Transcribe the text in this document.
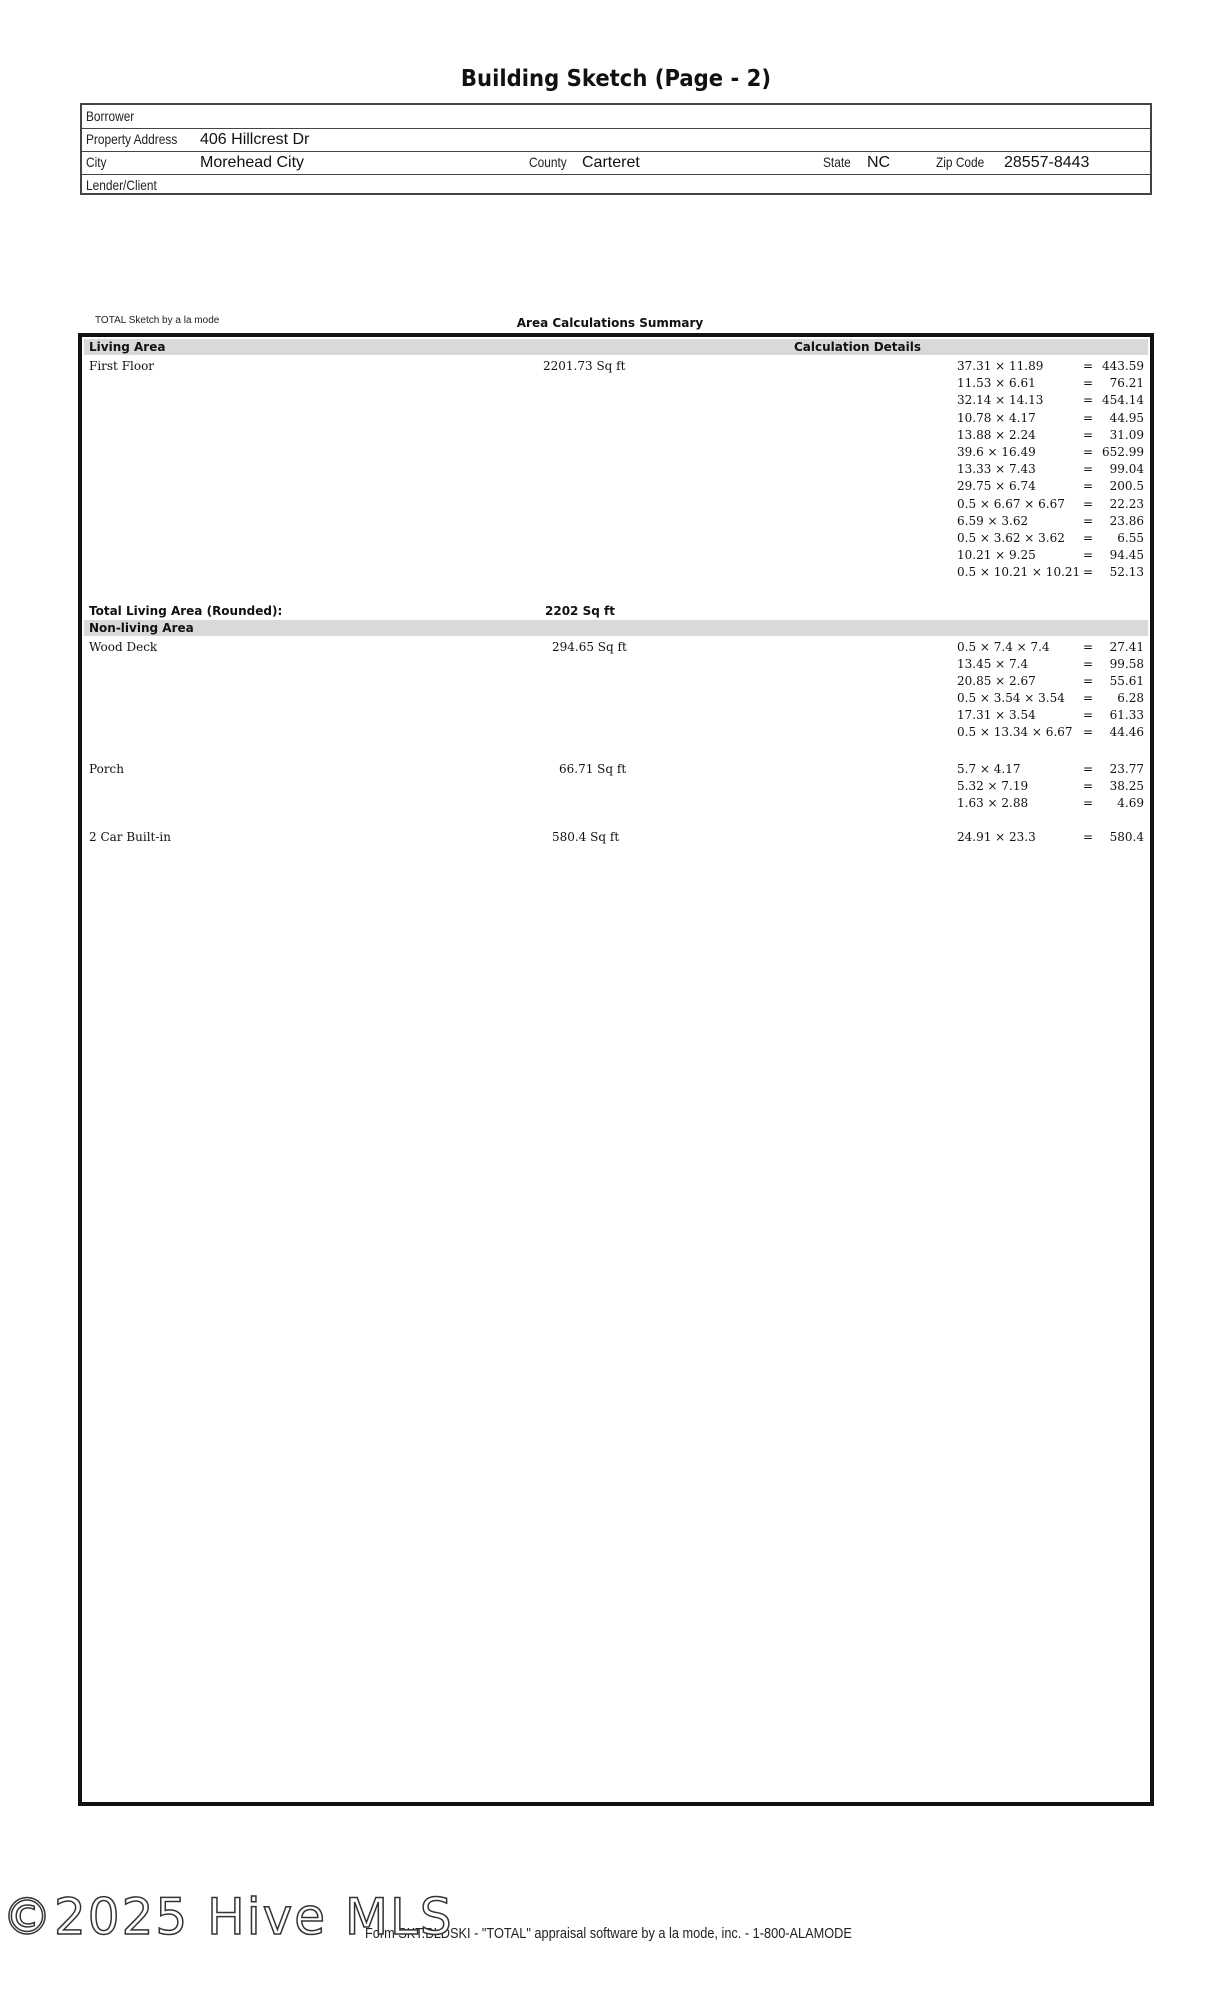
Building Sketch (Page - 2)
Borrower
Property Address 406 Hillcrest Dr
City	Morehead City	County Carteret	State NC	Zip Code 28557-8443
Lender/Client
TOTAL Sketch by a la mode	Area Calculations Summary
Living Area	Calculation Details
First Floor	2201.73 Sq ft	37.31 × 11.89	= 443.59
11.53 × 6.61	= 76.21
32.14 × 14.13	= 454.14
10.78 × 4.17	= 44.95
13.88 × 2.24	= 31.09
39.6 × 16.49	= 652.99
13.33 × 7.43	= 99.04
29.75 × 6.74	= 200.5
0.5 × 6.67 × 6.67 = 22.23
6.59 × 3.62	= 23.86
0.5 × 3.62 × 3.62 = 6.55
10.21 × 9.25	= 94.45
0.5 × 10.21 × 10.21 = 52.13
Total Living Area (Rounded):	2202 Sq ft
Non-living Area
Wood Deck	294.65 Sq ft	0.5 × 7.4 × 7.4	= 27.41
13.45 × 7.4	= 99.58
20.85 × 2.67	= 55.61
0.5 × 3.54 × 3.54 = 6.28
17.31 × 3.54	= 61.33
0.5 × 13.34 × 6.67 = 44.46
Porch	66.71 Sq ft	5.7 × 4.17	= 23.77
5.32 × 7.19	= 38.25
1.63 × 2.88	= 4.69
2 Car Built-in	580.4 Sq ft	24.91 × 23.3	= 580.4
Form SKT.BLDSKI - "TOTAL" appraisal software by a la mode, inc. - 1-800-ALAMODE
©2025 Hive MLS
